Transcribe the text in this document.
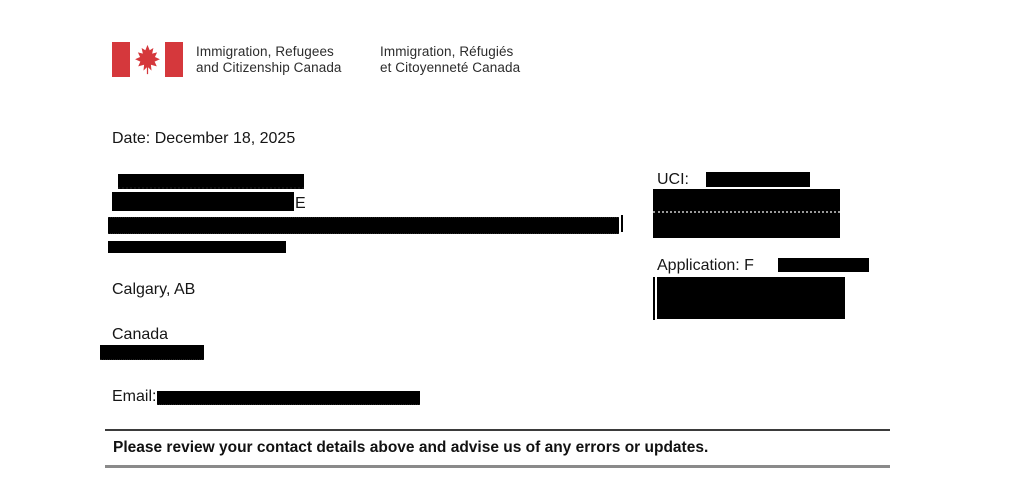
Immigration, Refugees
and Citizenship Canada
Immigration, Réfugiés
et Citoyenneté Canada
Date: December 18, 2025
E
Calgary, AB
Canada
Email:
UCI:
Application: F
Please review your contact details above and advise us of any errors or updates.
